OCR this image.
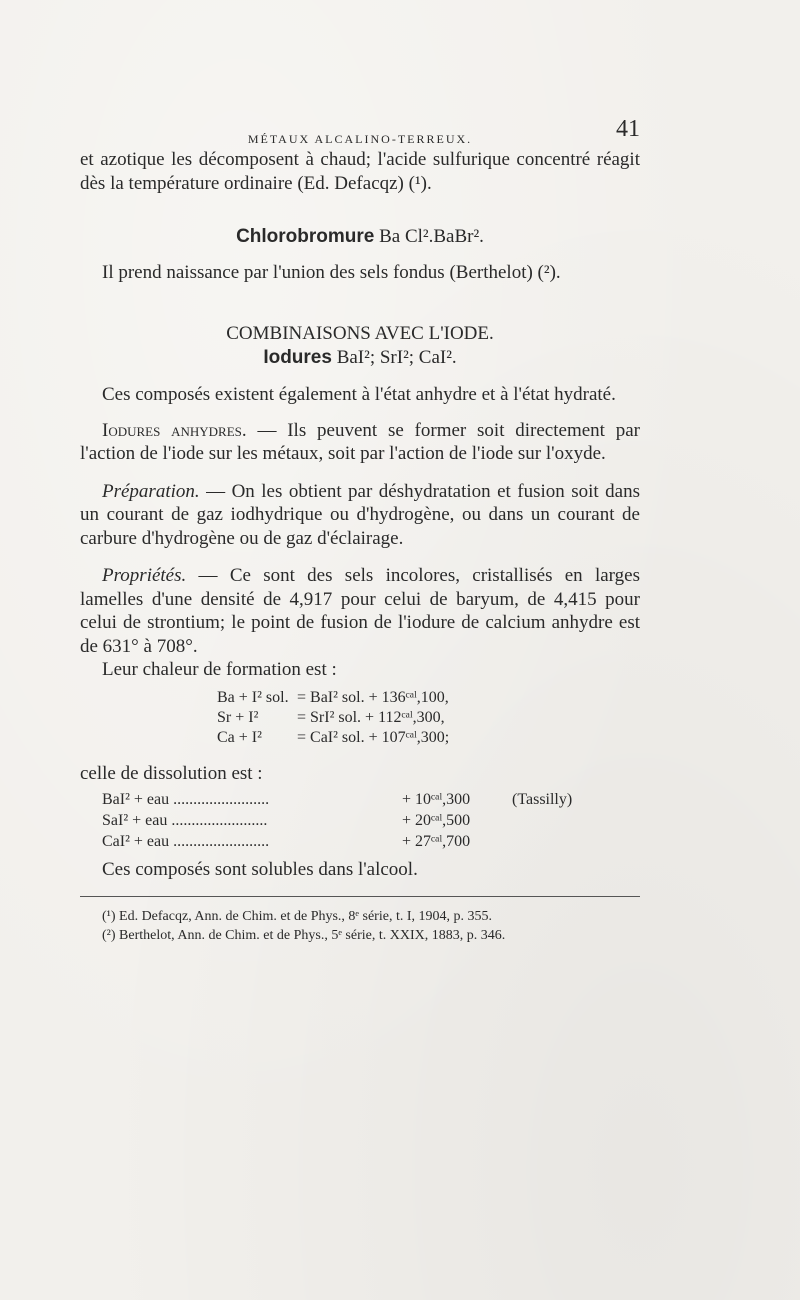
MÉTAUX ALCALINO-TERREUX.	41

et azotique les décomposent à chaud; l'acide sulfurique concentré réagit dès la température ordinaire (Ed. Defacqz) (¹).

Chlorobromure Ba Cl².BaBr².

Il prend naissance par l'union des sels fondus (Berthelot) (²).

COMBINAISONS AVEC L'IODE.

Iodures BaI²; SrI²; CaI².

Ces composés existent également à l'état anhydre et à l'état hydraté.

Iodures anhydres. — Ils peuvent se former soit directement par l'action de l'iode sur les métaux, soit par l'action de l'iode sur l'oxyde.

Préparation. — On les obtient par déshydratation et fusion soit dans un courant de gaz iodhydrique ou d'hydrogène, ou dans un courant de carbure d'hydrogène ou de gaz d'éclairage.

Propriétés. — Ce sont des sels incolores, cristallisés en larges lamelles d'une densité de 4,917 pour celui de baryum, de 4,415 pour celui de strontium; le point de fusion de l'iodure de calcium anhydre est de 631° à 708°.

Leur chaleur de formation est :

Ba + I² sol. = BaI² sol. + 136ᶜᵃˡ,100,
Sr + I²	= SrI² sol. + 112ᶜᵃˡ,300,
Ca + I²	= CaI² sol. + 107ᶜᵃˡ,300;

celle de dissolution est :

BaI² + eau ........................	+ 10ᶜᵃˡ,300	(Tassilly)
SaI² + eau ........................	+ 20ᶜᵃˡ,500
CaI² + eau ........................	+ 27ᶜᵃˡ,700

Ces composés sont solubles dans l'alcool.

(¹) Ed. Defacqz, Ann. de Chim. et de Phys., 8ᵉ série, t. I, 1904, p. 355.

(²) Berthelot, Ann. de Chim. et de Phys., 5ᵉ série, t. XXIX, 1883, p. 346.
